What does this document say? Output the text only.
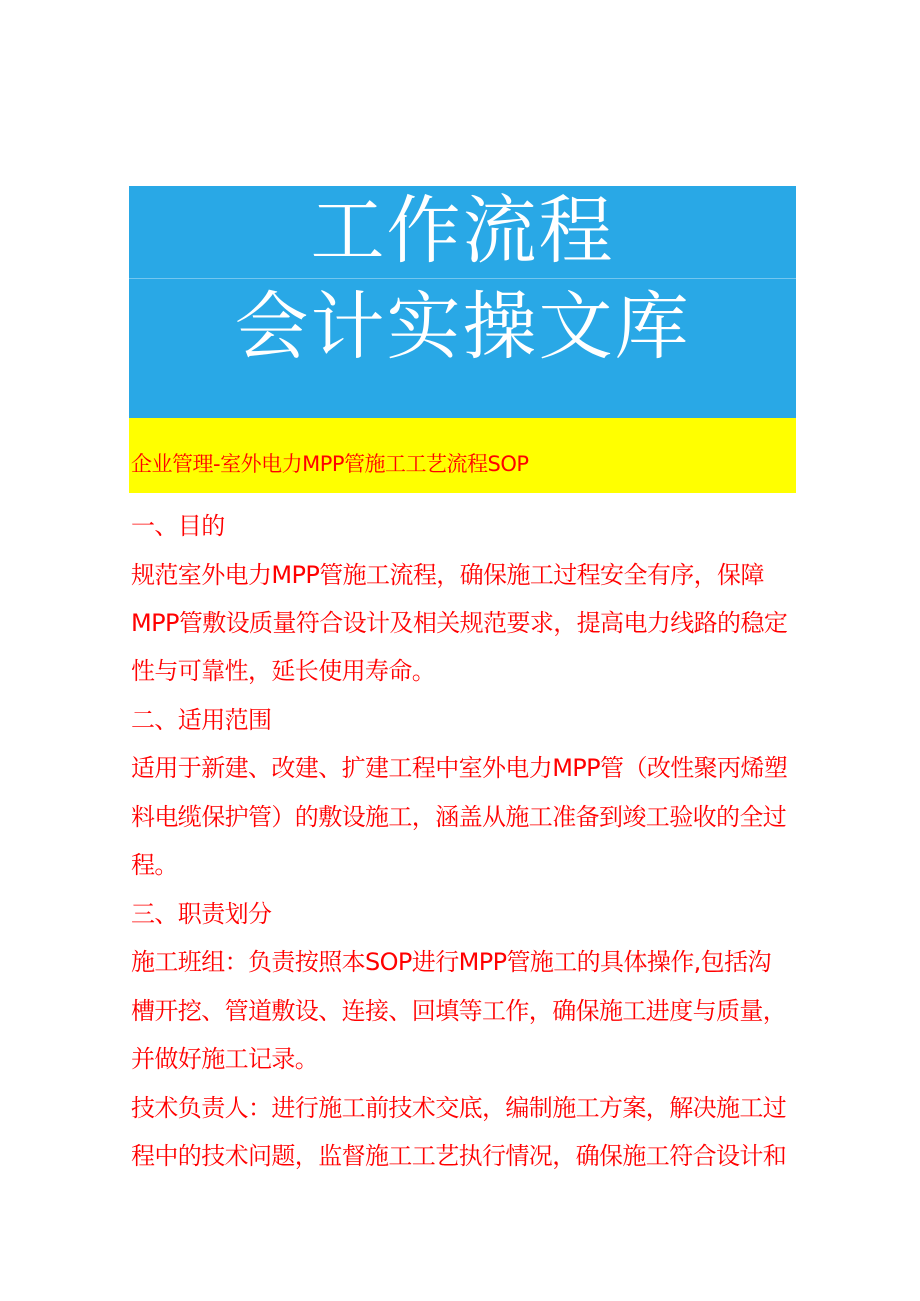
工作流程
会计实操文库
企业管理-室外电力MPP管施工工艺流程SOP
一、目的
规范室外电力MPP管施工流程，确保施工过程安全有序，保障
MPP管敷设质量符合设计及相关规范要求，提高电力线路的稳定
性与可靠性，延长使用寿命。
二、适用范围
适用于新建、改建、扩建工程中室外电力MPP管（改性聚丙烯塑
料电缆保护管）的敷设施工，涵盖从施工准备到竣工验收的全过
程。
三、职责划分
施工班组：负责按照本SOP进行MPP管施工的具体操作,包括沟
槽开挖、管道敷设、连接、回填等工作，确保施工进度与质量，
并做好施工记录。
技术负责人：进行施工前技术交底，编制施工方案，解决施工过
程中的技术问题，监督施工工艺执行情况，确保施工符合设计和
